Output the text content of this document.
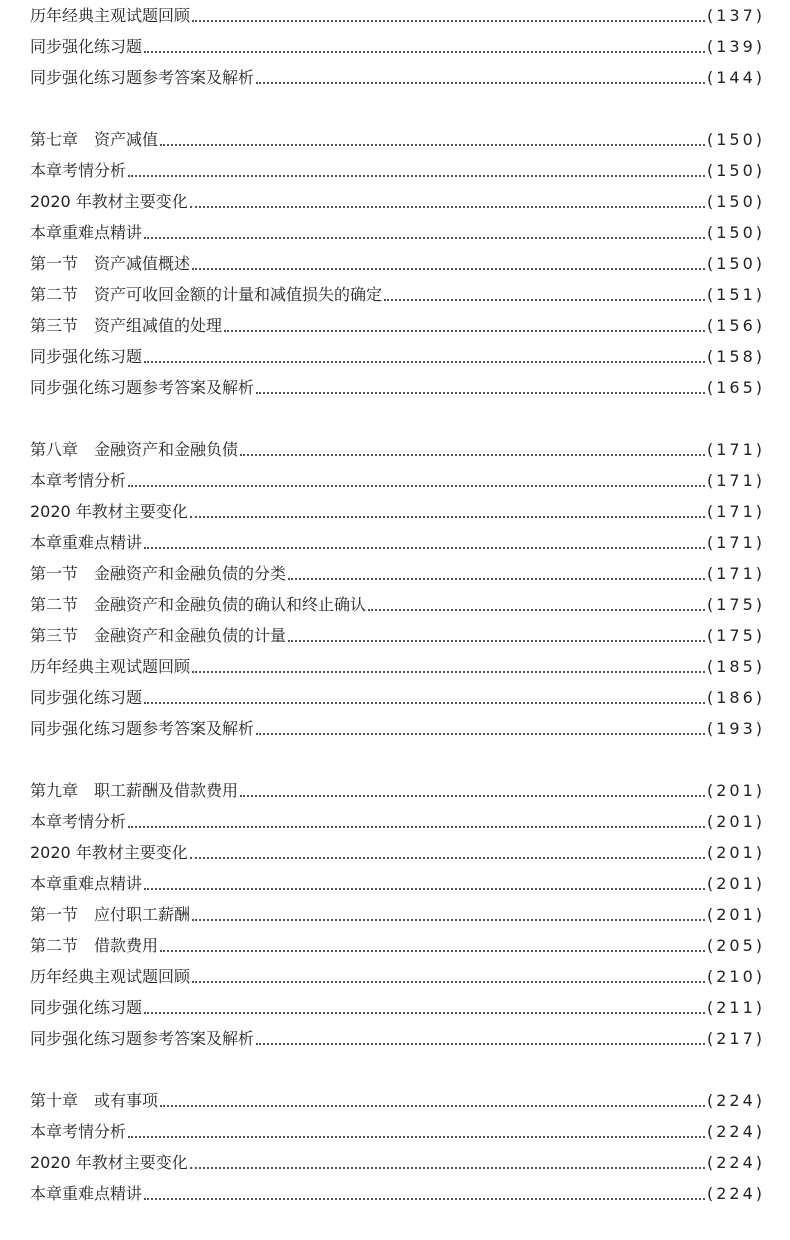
历年经典主观试题回顾	(137)
同步强化练习题	(139)
同步强化练习题参考答案及解析	(144)
第七章　资产减值	(150)
本章考情分析	(150)
2020 年教材主要变化	(150)
本章重难点精讲	(150)
第一节　资产减值概述	(150)
第二节　资产可收回金额的计量和减值损失的确定	(151)
第三节　资产组减值的处理	(156)
同步强化练习题	(158)
同步强化练习题参考答案及解析	(165)
第八章　金融资产和金融负债	(171)
本章考情分析	(171)
2020 年教材主要变化	(171)
本章重难点精讲	(171)
第一节　金融资产和金融负债的分类	(171)
第二节　金融资产和金融负债的确认和终止确认	(175)
第三节　金融资产和金融负债的计量	(175)
历年经典主观试题回顾	(185)
同步强化练习题	(186)
同步强化练习题参考答案及解析	(193)
第九章　职工薪酬及借款费用	(201)
本章考情分析	(201)
2020 年教材主要变化	(201)
本章重难点精讲	(201)
第一节　应付职工薪酬	(201)
第二节　借款费用	(205)
历年经典主观试题回顾	(210)
同步强化练习题	(211)
同步强化练习题参考答案及解析	(217)
第十章　或有事项	(224)
本章考情分析	(224)
2020 年教材主要变化	(224)
本章重难点精讲	(224)
